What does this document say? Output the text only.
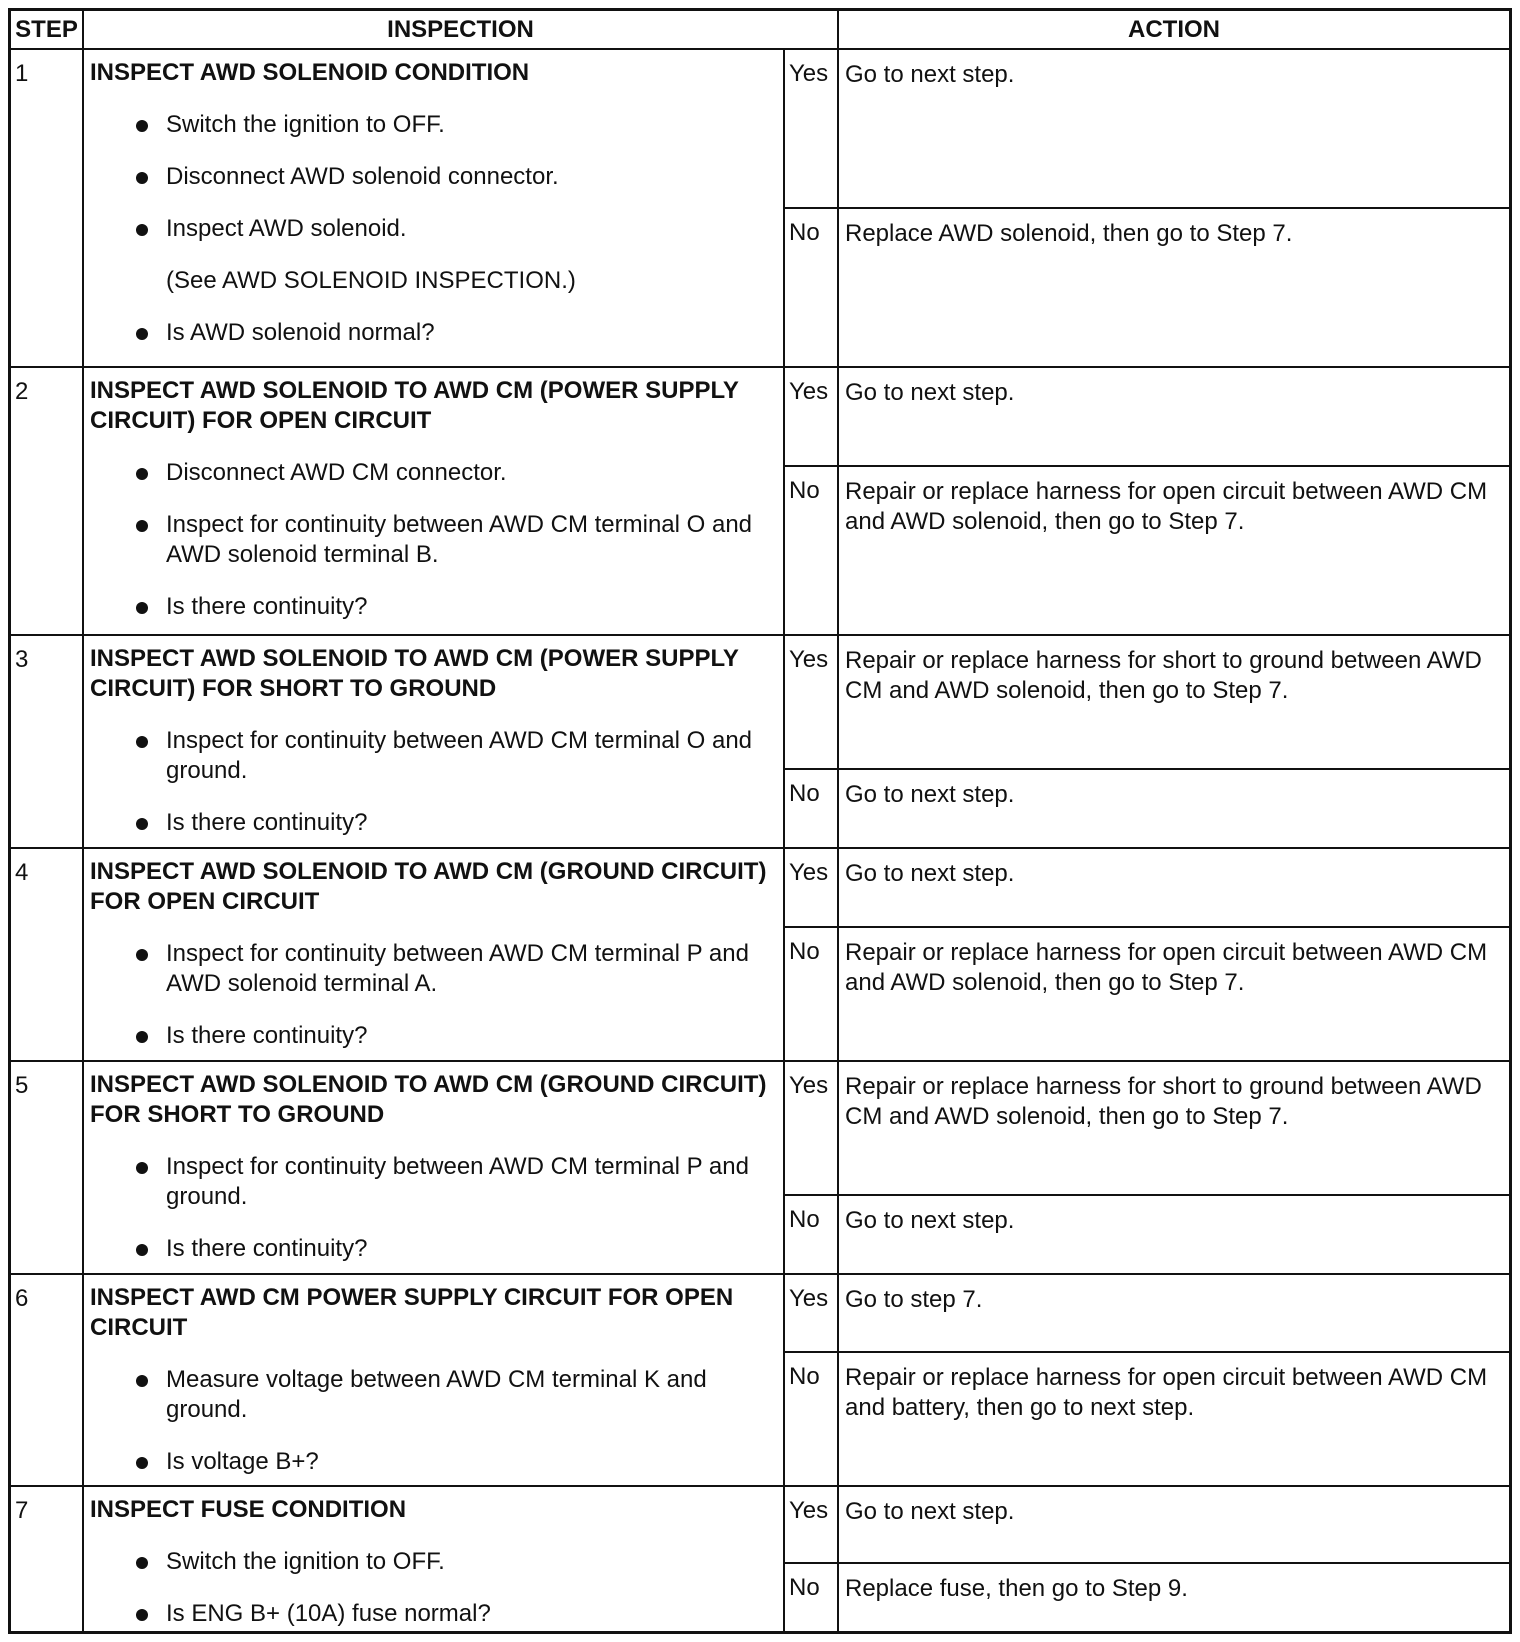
STEP	INSPECTION	ACTION
1	INSPECT AWD SOLENOID CONDITION
Switch the ignition to OFF.
Disconnect AWD solenoid connector.
Inspect AWD solenoid.
(See AWD SOLENOID INSPECTION.)
Is AWD solenoid normal?
Yes Go to next step.
No	Replace AWD solenoid, then go to Step 7.
2	INSPECT AWD SOLENOID TO AWD CM (POWER SUPPLY CIRCUIT) FOR OPEN CIRCUIT
Disconnect AWD CM connector.
Inspect for continuity between AWD CM terminal O and AWD solenoid terminal B.
Is there continuity?
Yes Go to next step.
No	Repair or replace harness for open circuit between AWD CM and AWD solenoid, then go to Step 7.
3	INSPECT AWD SOLENOID TO AWD CM (POWER SUPPLY CIRCUIT) FOR SHORT TO GROUND
Inspect for continuity between AWD CM terminal O and ground.
Is there continuity?
Yes Repair or replace harness for short to ground between AWD CM and AWD solenoid, then go to Step 7.
No	Go to next step.
4	INSPECT AWD SOLENOID TO AWD CM (GROUND CIRCUIT) FOR OPEN CIRCUIT
Inspect for continuity between AWD CM terminal P and AWD solenoid terminal A.
Is there continuity?
Yes Go to next step.
No	Repair or replace harness for open circuit between AWD CM and AWD solenoid, then go to Step 7.
5	INSPECT AWD SOLENOID TO AWD CM (GROUND CIRCUIT) FOR SHORT TO GROUND
Inspect for continuity between AWD CM terminal P and ground.
Is there continuity?
Yes Repair or replace harness for short to ground between AWD CM and AWD solenoid, then go to Step 7.
No	Go to next step.
6	INSPECT AWD CM POWER SUPPLY CIRCUIT FOR OPEN CIRCUIT
Measure voltage between AWD CM terminal K and ground.
Is voltage B+?
Yes Go to step 7.
No	Repair or replace harness for open circuit between AWD CM and battery, then go to next step.
7	INSPECT FUSE CONDITION
Switch the ignition to OFF.
Is ENG B+ (10A) fuse normal?
Yes Go to next step.
No	Replace fuse, then go to Step 9.
